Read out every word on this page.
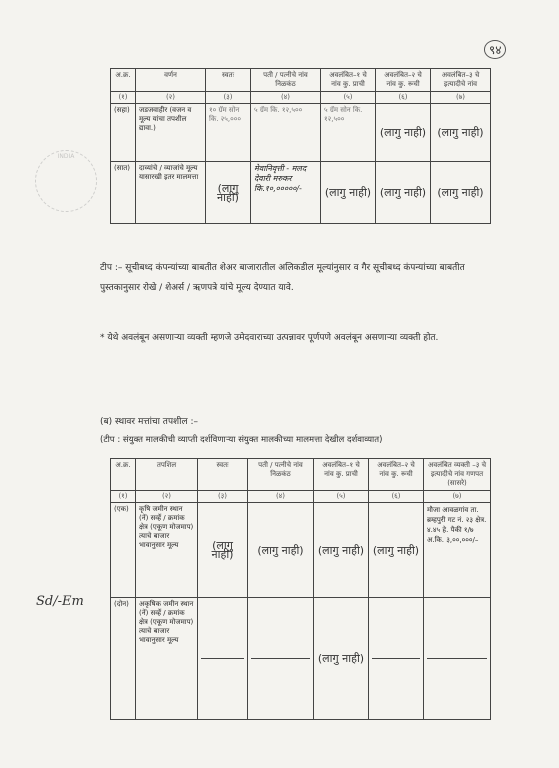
९४
INDIA
अ.क्र.	वर्णन	स्वतः	पती / पत्नीचे नांव निळकंठ	अवलंबित–१ चे नांव कु. प्राची	अवलंबित–२ चे नांव कु. रूची	अवलंबित–३ चे इत्यादीचे नांव
(१)	(२)	(३)	(४)	(५)	(६)	(७)
(सहा)	जडजवाहीर (वजन व मूल्य यांचा तपशील द्यावा.)	१० ग्रॅम सोन कि. २५,०००	५ ग्रॅम कि. १२,५००	५ ग्रॅम सोन कि. १२,५००	(लागु नाही)	(लागु नाही)
(सात)	दाव्यांचे / व्याजांचे मूल्य यासारखी इतर मालमत्ता	(लागु नाही)	मेवानिवृत्ती - मलद देवारी मरुकर कि.१०,०००००/-	(लागु नाही)	(लागु नाही)	(लागु नाही)
टीप :– सूचीबध्द कंपन्यांच्या बाबतीत शेअर बाजारातील अलिकडील मूल्यांनुसार व गैर सूचीबध्द कंपन्यांच्या बाबतीत पुस्तकानुसार रोखे / शेअर्स / ऋणपत्रे यांचे मूल्य देण्यात यावे.
* येथे अवलंबून असणाऱ्या व्यक्ती म्हणजे उमेदवाराच्या उत्पन्नावर पूर्णपणे अवलंबून असणाऱ्या व्यक्ती होत.
(ब) स्थावर मत्तांचा तपशील :–
(टीप : संयुक्त मालकीची व्याप्ती दर्शविणाऱ्या संयुक्त मालकीच्या मालमत्ता देखील दर्शवाव्यात)
अ.क्र.	तपशिल	स्वतः	पती / पत्नीचे नांव निळकंठ	अवलंबित–१ चे नांव कु. प्राची	अवलंबित–२ चे नांव कु. रूची	अवलंबित व्यक्ती –३ चे इत्यादीचे नांव गणपत (सासरे)
(१)	(२)	(३)	(४)	(५)	(६)	(७)
(एक)	कृषि जमीन स्थान (नें) सर्व्हे / क्रमांक क्षेत्र (एकूण मोजमाप) त्याचे बाजार भावानुसार मूल्य	(लागु नाही)	(लागु नाही)	(लागु नाही)	(लागु नाही)	मौजा आवळगांव ता. ब्रम्हपुरी गट नं. २३ क्षेत्र. ४.४५ हे. पैकी १/७ अ.कि. ३,००,०००/–
(दोन)	अकृषिक जमीन स्थान (नें) सर्व्हे / क्रमांक क्षेत्र (एकूण मोजमाप) त्याचे बाजार भावानुसार मूल्य			(लागु नाही)	

Sd/-Em
